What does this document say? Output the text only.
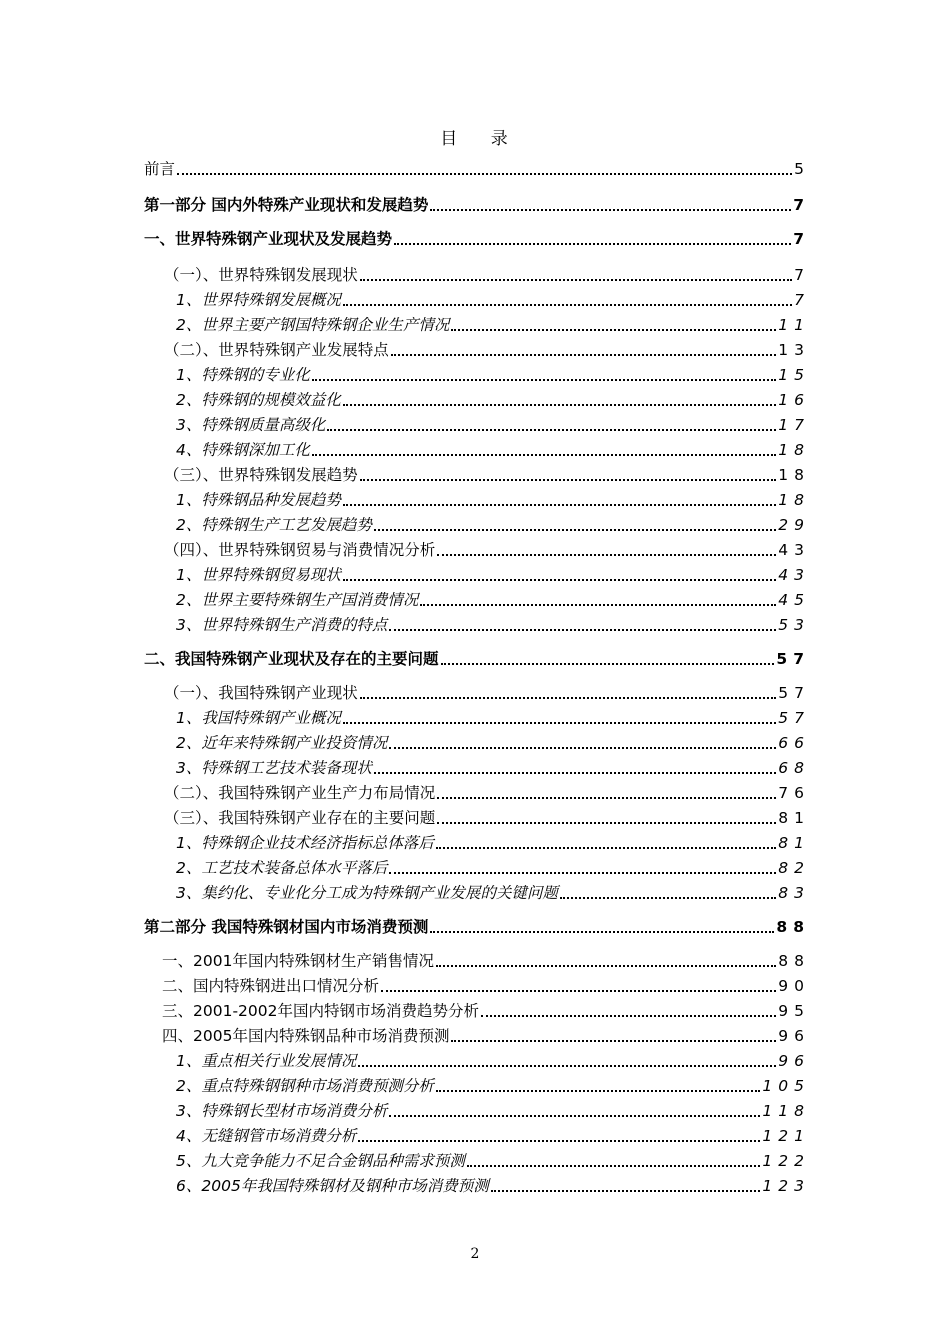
目 录
前言	5
第一部分 国内外特殊产业现状和发展趋势	7
一、世界特殊钢产业现状及发展趋势	7
（一）、世界特殊钢发展现状	7
1、世界特殊钢发展概况	7
2、世界主要产钢国特殊钢企业生产情况	11
（二）、世界特殊钢产业发展特点	13
1、特殊钢的专业化	15
2、特殊钢的规模效益化	16
3、特殊钢质量高级化	17
4、特殊钢深加工化	18
（三）、世界特殊钢发展趋势	18
1、特殊钢品种发展趋势	18
2、特殊钢生产工艺发展趋势	29
（四）、世界特殊钢贸易与消费情况分析	43
1、世界特殊钢贸易现状	43
2、世界主要特殊钢生产国消费情况	45
3、世界特殊钢生产消费的特点	53
二、我国特殊钢产业现状及存在的主要问题	57
（一）、我国特殊钢产业现状	57
1、我国特殊钢产业概况	57
2、近年来特殊钢产业投资情况	66
3、特殊钢工艺技术装备现状	68
（二）、我国特殊钢产业生产力布局情况	76
（三）、我国特殊钢产业存在的主要问题	81
1、特殊钢企业技术经济指标总体落后	81
2、工艺技术装备总体水平落后	82
3、集约化、专业化分工成为特殊钢产业发展的关键问题	83
第二部分 我国特殊钢材国内市场消费预测	88
一、2001年国内特殊钢材生产销售情况	88
二、国内特殊钢进出口情况分析	90
三、2001-2002年国内特钢市场消费趋势分析	95
四、2005年国内特殊钢品种市场消费预测	96
1、重点相关行业发展情况	96
2、重点特殊钢钢种市场消费预测分析	105
3、特殊钢长型材市场消费分析	118
4、无缝钢管市场消费分析	121
5、九大竞争能力不足合金钢品种需求预测	122
6、2005年我国特殊钢材及钢种市场消费预测	123
2
